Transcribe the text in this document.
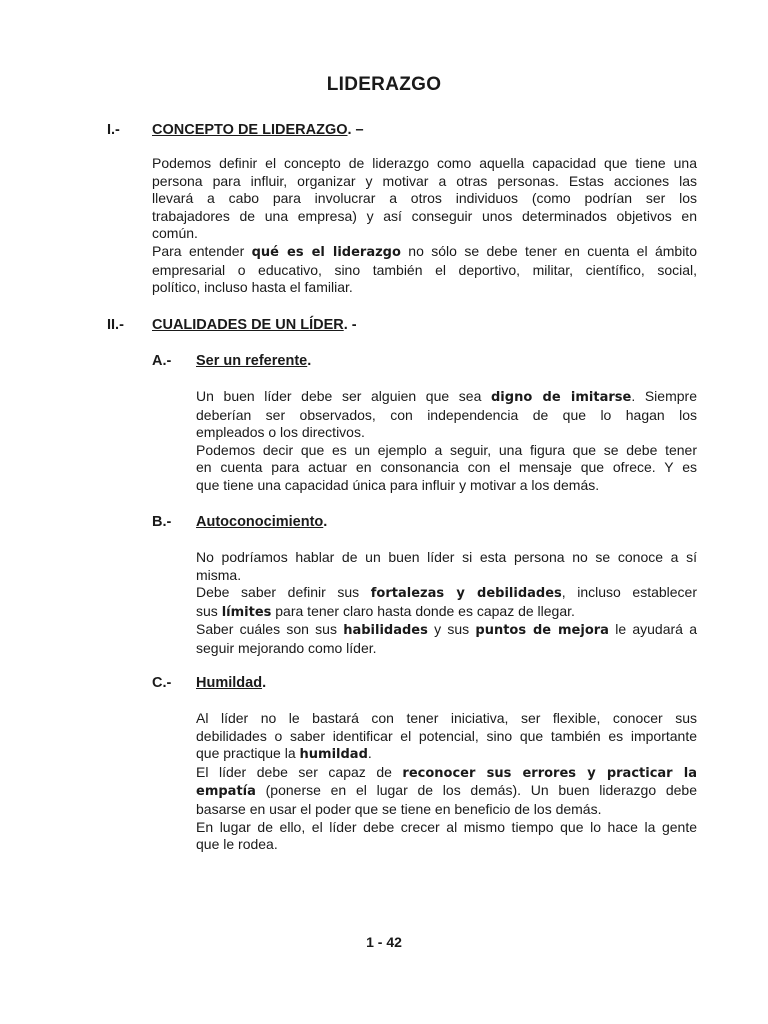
LIDERAZGO
I.- CONCEPTO DE LIDERAZGO. –
Podemos definir el concepto de liderazgo como aquella capacidad que tiene una
persona para influir, organizar y motivar a otras personas. Estas acciones las
llevará a cabo para involucrar a otros individuos (como podrían ser los
trabajadores de una empresa) y así conseguir unos determinados objetivos en
común.
Para entender qué es el liderazgo no sólo se debe tener en cuenta el ámbito
empresarial o educativo, sino también el deportivo, militar, científico, social,
político, incluso hasta el familiar.
II.- CUALIDADES DE UN LÍDER. -
A.- Ser un referente.
Un buen líder debe ser alguien que sea digno de imitarse. Siempre
deberían ser observados, con independencia de que lo hagan los
empleados o los directivos.
Podemos decir que es un ejemplo a seguir, una figura que se debe tener
en cuenta para actuar en consonancia con el mensaje que ofrece. Y es
que tiene una capacidad única para influir y motivar a los demás.
B.- Autoconocimiento.
No podríamos hablar de un buen líder si esta persona no se conoce a sí
misma.
Debe saber definir sus fortalezas y debilidades, incluso establecer
sus límites para tener claro hasta donde es capaz de llegar.
Saber cuáles son sus habilidades y sus puntos de mejora le ayudará a
seguir mejorando como líder.
C.- Humildad.
Al líder no le bastará con tener iniciativa, ser flexible, conocer sus
debilidades o saber identificar el potencial, sino que también es importante
que practique la humildad.
El líder debe ser capaz de reconocer sus errores y practicar la
empatía (ponerse en el lugar de los demás). Un buen liderazgo debe
basarse en usar el poder que se tiene en beneficio de los demás.
En lugar de ello, el líder debe crecer al mismo tiempo que lo hace la gente
que le rodea.
1 - 42
